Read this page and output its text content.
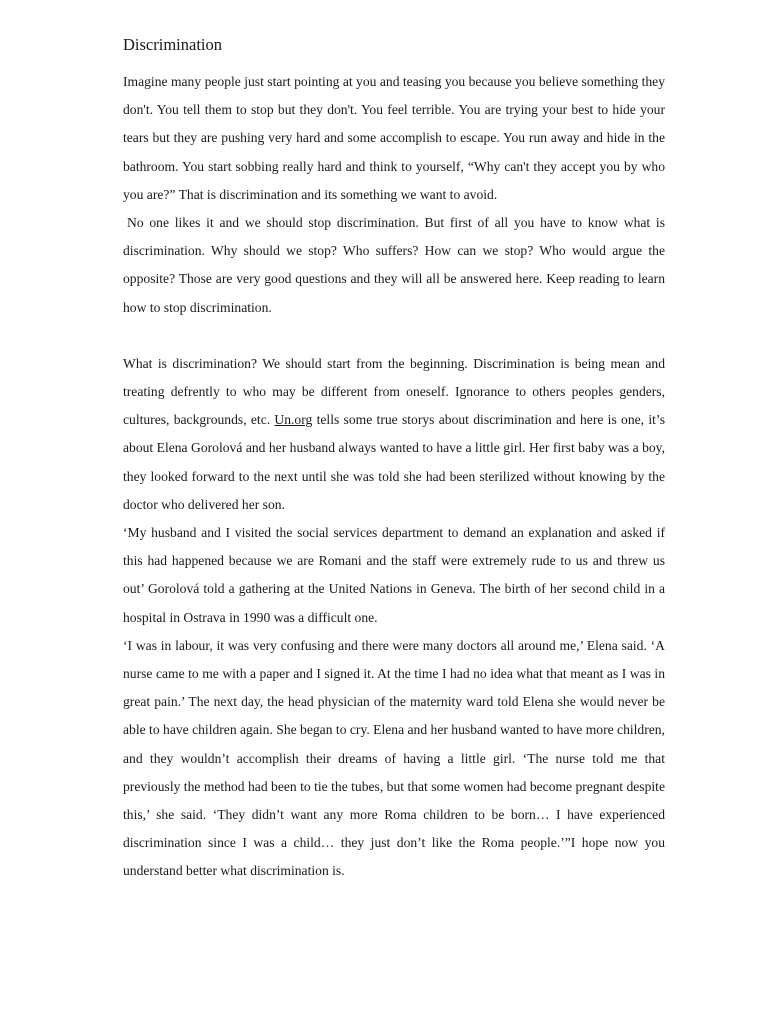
Discrimination

Imagine many people just start pointing at you and teasing you because you believe something they don't. You tell them to stop but they don't. You feel terrible. You are trying your best to hide your tears but they are pushing very hard and some accomplish to escape. You run away and hide in the bathroom. You start sobbing really hard and think to yourself, “Why can't they accept you by who you are?” That is discrimination and its something we want to avoid.

No one likes it and we should stop discrimination. But first of all you have to know what is discrimination. Why should we stop? Who suffers? How can we stop? Who would argue the opposite? Those are very good questions and they will all be answered here. Keep reading to learn how to stop discrimination.

What is discrimination? We should start from the beginning. Discrimination is being mean and treating defrently to who may be different from oneself. Ignorance to others peoples genders, cultures, backgrounds, etc. Un.org tells some true storys about discrimination and here is one, it’s about Elena Gorolová and her husband always wanted to have a little girl. Her first baby was a boy, they looked forward to the next until she was told she had been sterilized without knowing by the doctor who delivered her son.

‘My husband and I visited the social services department to demand an explanation and asked if this had happened because we are Romani and the staff were extremely rude to us and threw us out’ Gorolová told a gathering at the United Nations in Geneva. The birth of her second child in a hospital in Ostrava in 1990 was a difficult one.

‘I was in labour, it was very confusing and there were many doctors all around me,’ Elena said. ‘A nurse came to me with a paper and I signed it. At the time I had no idea what that meant as I was in great pain.’ The next day, the head physician of the maternity ward told Elena she would never be able to have children again. She began to cry. Elena and her husband wanted to have more children, and they wouldn’t accomplish their dreams of having a little girl. ‘The nurse told me that previously the method had been to tie the tubes, but that some women had become pregnant despite this,’ she said. ‘They didn’t want any more Roma children to be born… I have experienced discrimination since I was a child… they just don’t like the Roma people.’”I hope now you understand better what discrimination is.
